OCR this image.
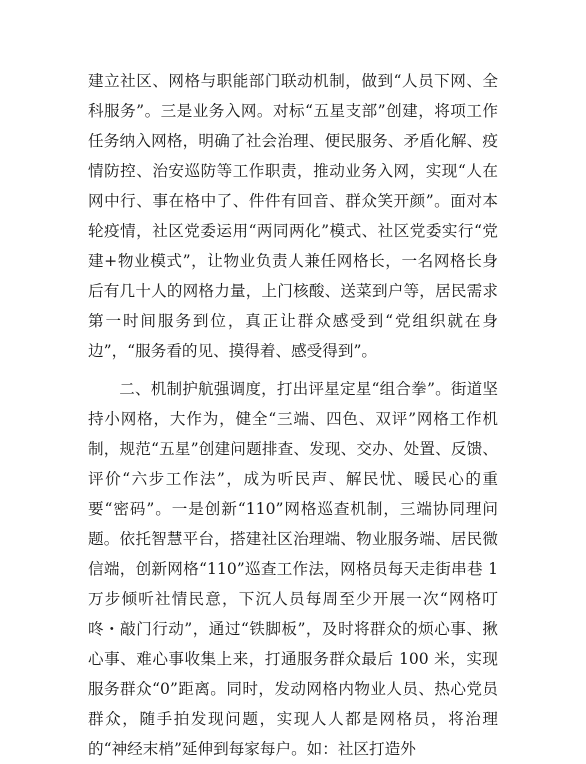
建立社区、网格与职能部门联动机制，做到“人员下网、全科服务”。三是业务入网。对标“五星支部”创建，将项工作任务纳入网格，明确了社会治理、便民服务、矛盾化解、疫情防控、治安巡防等工作职责，推动业务入网，实现“人在网中行、事在格中了、件件有回音、群众笑开颜”。面对本轮疫情，社区党委运用“两同两化”模式、社区党委实行“党建+物业模式”，让物业负责人兼任网格长，一名网格长身后有几十人的网格力量，上门核酸、送菜到户等，居民需求第一时间服务到位，真正让群众感受到“党组织就在身边”，“服务看的见、摸得着、感受得到”。

二、机制护航强调度，打出评星定星“组合拳”。街道坚持小网格，大作为，健全“三端、四色、双评”网格工作机制，规范“五星”创建问题排查、发现、交办、处置、反馈、评价“六步工作法”，成为听民声、解民忧、暖民心的重要“密码”。一是创新“110”网格巡查机制，三端协同理问题。依托智慧平台，搭建社区治理端、物业服务端、居民微信端，创新网格“110”巡查工作法，网格员每天走街串巷 1 万步倾听社情民意，下沉人员每周至少开展一次“网格叮咚・敲门行动”，通过“铁脚板”，及时将群众的烦心事、揪心事、难心事收集上来，打通服务群众最后 100 米，实现服务群众“0”距离。同时，发动网格内物业人员、热心党员群众，随手拍发现问题，实现人人都是网格员，将治理的“神经末梢”延伸到每家每户。如：社区打造外
